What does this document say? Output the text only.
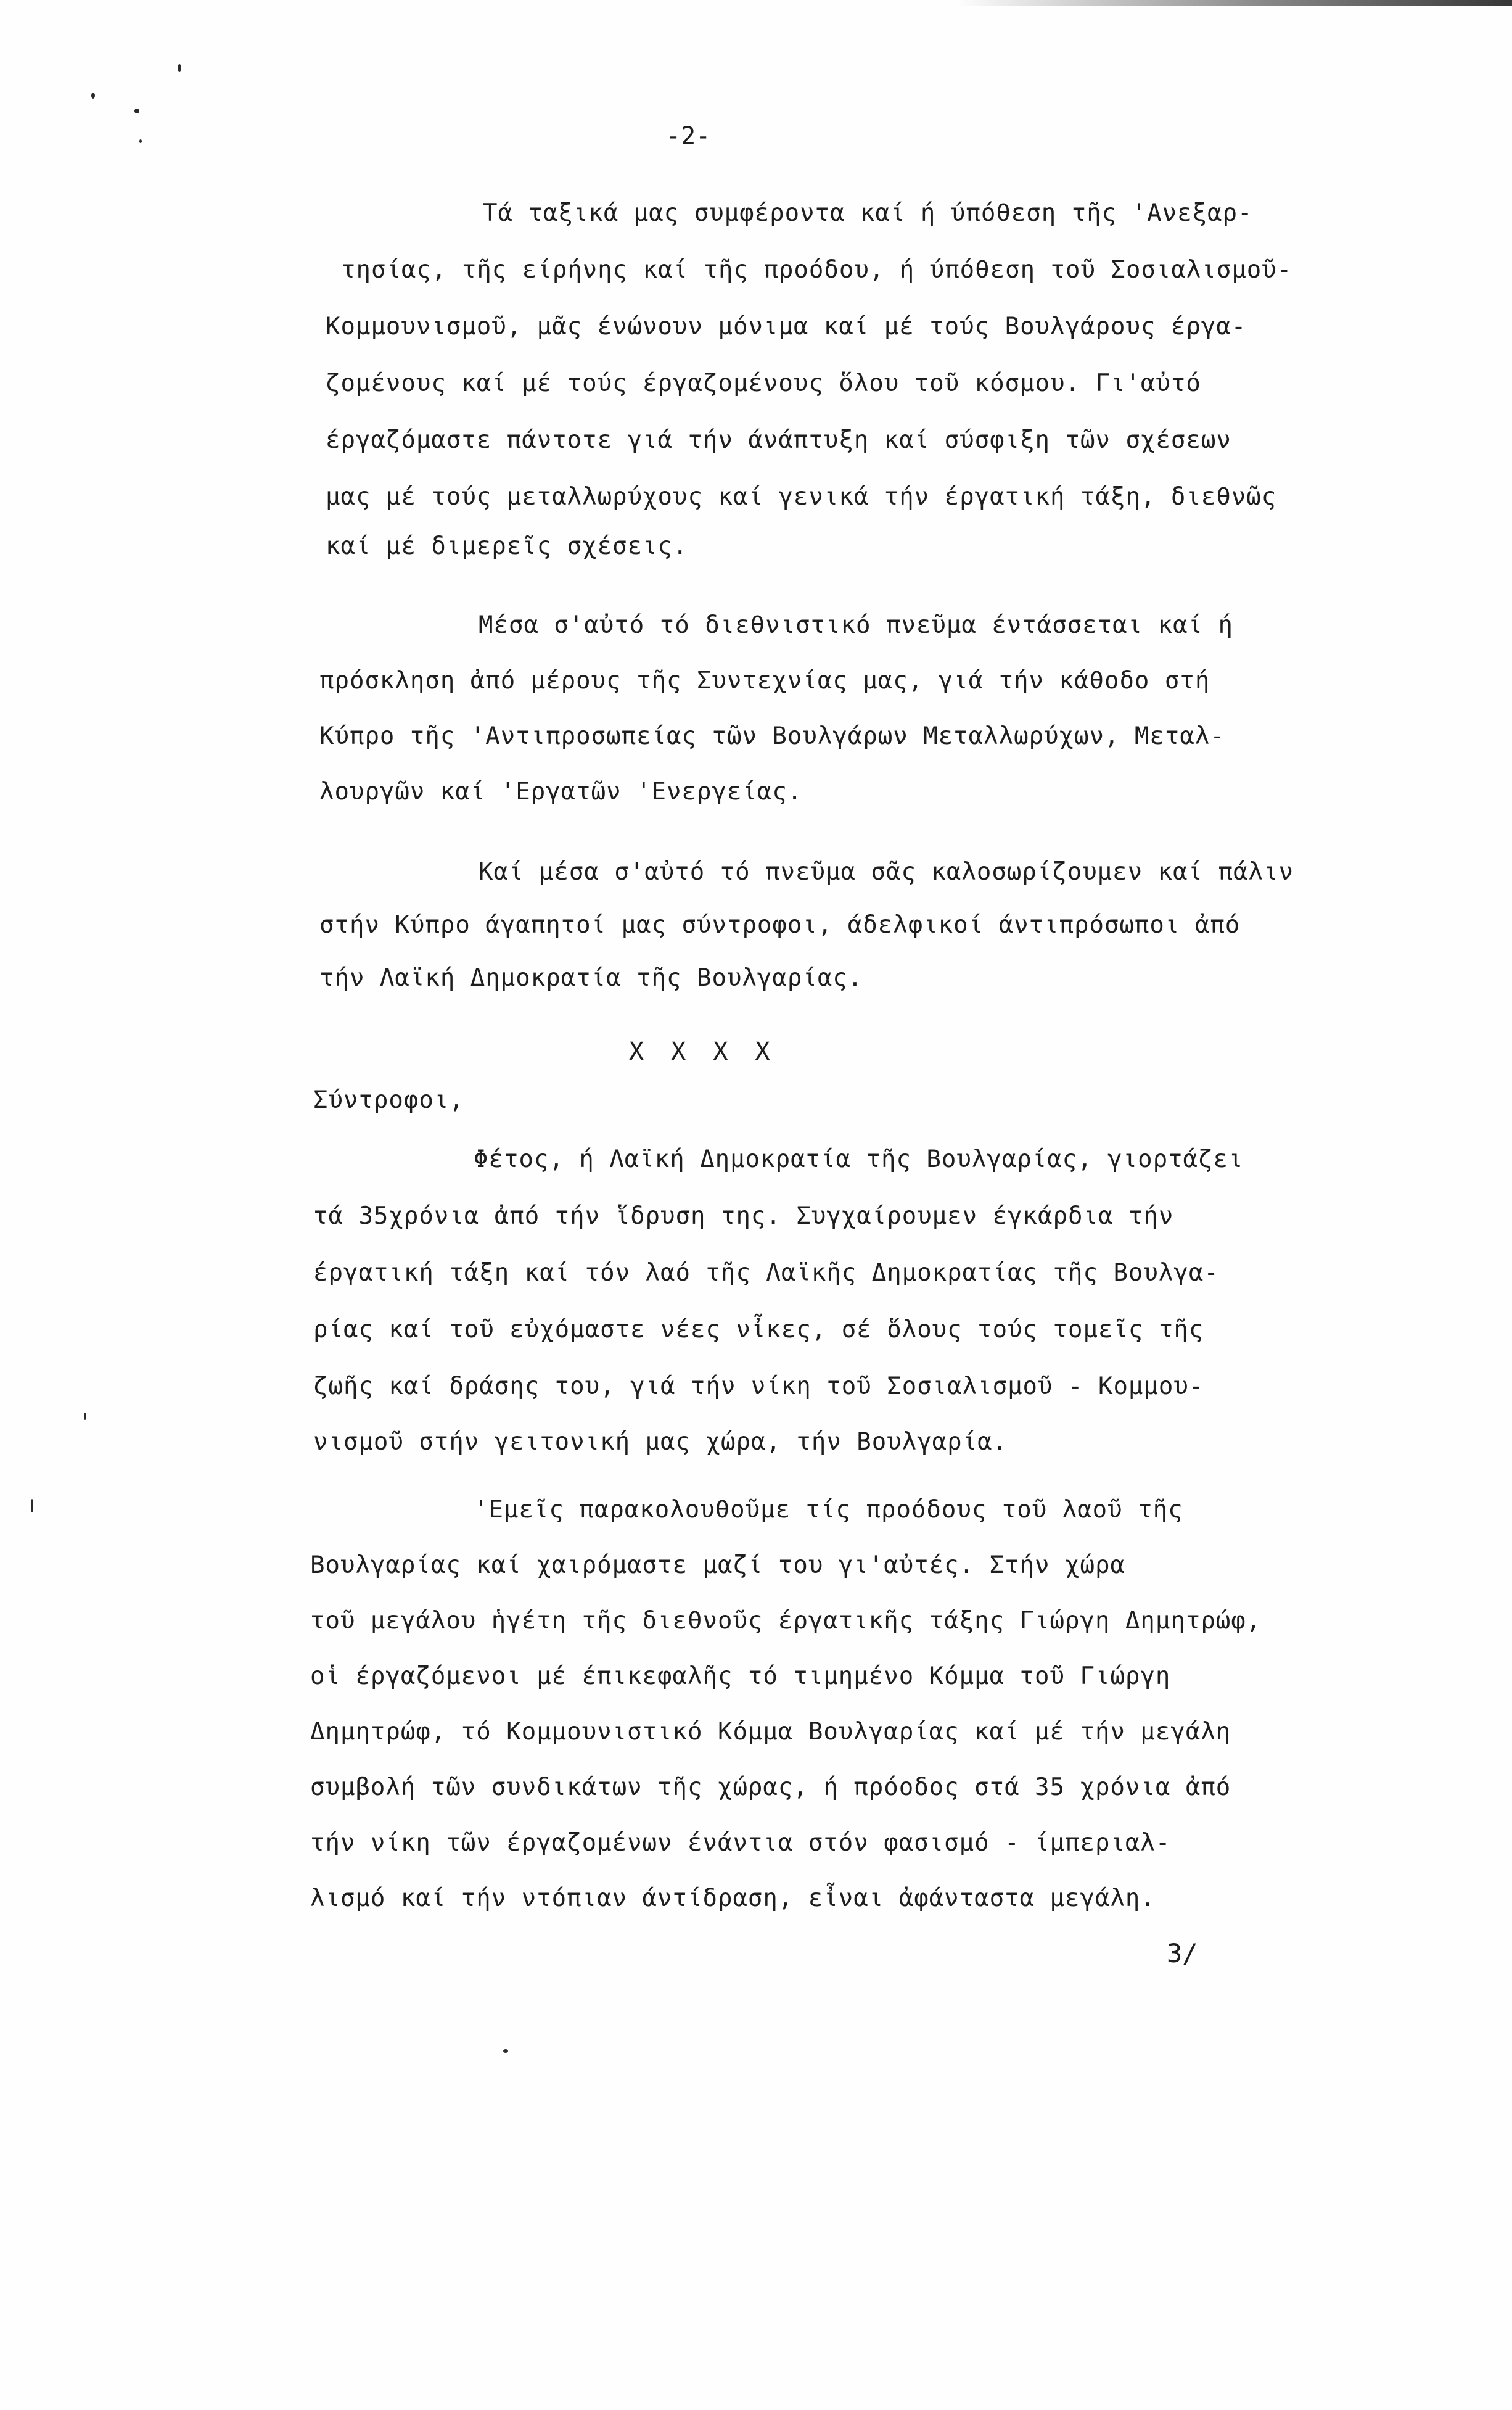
-2-
Τά ταξικά μας συμφέροντα καί ή ύπόθεση τῆς 'Ανεξαρ-
τησίας, τῆς είρήνης καί τῆς προόδου, ή ύπόθεση τοῦ Σοσιαλισμοῦ-
Κομμουνισμοῦ, μᾶς ένώνουν μόνιμα καί μέ τούς Βουλγάρους έργα-
ζομένους καί μέ τούς έργαζομένους ὅλου τοῦ κόσμου. Γι'αὐτό
έργαζόμαστε πάντοτε γιά τήν άνάπτυξη καί σύσφιξη τῶν σχέσεων
μας μέ τούς μεταλλωρύχους καί γενικά τήν έργατική τάξη, διεθνῶς
καί μέ διμερεῖς σχέσεις.
Μέσα σ'αὐτό τό διεθνιστικό πνεῦμα έντάσσεται καί ή
πρόσκληση ἀπό μέρους τῆς Συντεχνίας μας, γιά τήν κάθοδο στή
Κύπρο τῆς 'Αντιπροσωπείας τῶν Βουλγάρων Μεταλλωρύχων, Μεταλ-
λουργῶν καί 'Εργατῶν 'Ενεργείας.
Καί μέσα σ'αὐτό τό πνεῦμα σᾶς καλοσωρίζουμεν καί πάλιν
στήν Κύπρο άγαπητοί μας σύντροφοι, άδελφικοί άντιπρόσωποι ἀπό
τήν Λαϊκή Δημοκρατία τῆς Βουλγαρίας.
X X X X
Σύντροφοι,
Φέτος, ή Λαϊκή Δημοκρατία τῆς Βουλγαρίας, γιορτάζει
τά 35χρόνια ἀπό τήν ἵδρυση της. Συγχαίρουμεν έγκάρδια τήν
έργατική τάξη καί τόν λαό τῆς Λαϊκῆς Δημοκρατίας τῆς Βουλγα-
ρίας καί τοῦ εὐχόμαστε νέες νἶκες, σέ ὅλους τούς τομεῖς τῆς
ζωῆς καί δράσης του, γιά τήν νίκη τοῦ Σοσιαλισμοῦ - Κομμου-
νισμοῦ στήν γειτονική μας χώρα, τήν Βουλγαρία.
'Εμεῖς παρακολουθοῦμε τίς προόδους τοῦ λαοῦ τῆς
Βουλγαρίας καί χαιρόμαστε μαζί του γι'αὐτές. Στήν χώρα
τοῦ μεγάλου ἡγέτη τῆς διεθνοῦς έργατικῆς τάξης Γιώργη Δημητρώφ,
οἱ έργαζόμενοι μέ έπικεφαλῆς τό τιμημένο Κόμμα τοῦ Γιώργη
Δημητρώφ, τό Κομμουνιστικό Κόμμα Βουλγαρίας καί μέ τήν μεγάλη
συμβολή τῶν συνδικάτων τῆς χώρας, ή πρόοδος στά 35 χρόνια ἀπό
τήν νίκη τῶν έργαζομένων ένάντια στόν φασισμό - ίμπεριαλ-
λισμό καί τήν ντόπιαν άντίδραση, εἶναι ἀφάνταστα μεγάλη.
3/
